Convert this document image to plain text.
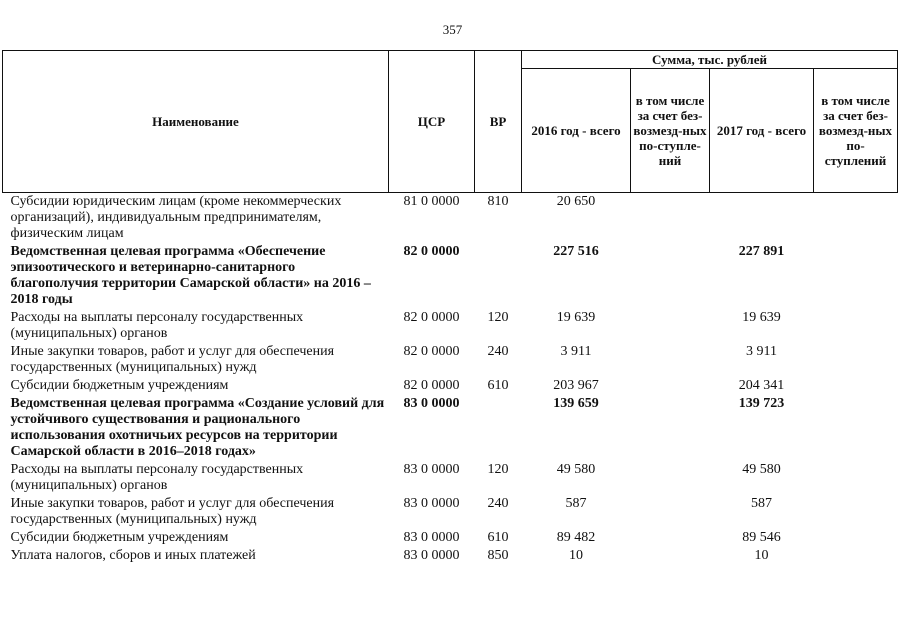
357
Наименование	ЦСР	ВР	Сумма, тыс. рублей			
			2016 год - всего	в том числе за счет без-возмезд-ных по-ступле-ний	2017 год - всего	в том числе за счет без-возмезд-ных по-ступлений
Субсидии юридическим лицам (кроме некоммерческих организаций), индивидуальным предпринимателям, физическим лицам	81 0 0000	810	20 650			
Ведомственная целевая программа «Обеспечение эпизоотического и ветеринарно-санитарного благополучия территории Самарской области» на 2016 –2018 годы	82 0 0000		227 516		227 891	
Расходы на выплаты персоналу государственных (муниципальных) органов	82 0 0000	120	19 639		19 639	
Иные закупки товаров, работ и услуг для обеспечения государственных (муниципальных) нужд	82 0 0000	240	3 911		3 911	
Субсидии бюджетным учреждениям	82 0 0000	610	203 967		204 341	
Ведомственная целевая программа «Создание условий для устойчивого существования и рационального использования охотничьих ресурсов на территории Самарской области в 2016–2018 годах»	83 0 0000		139 659		139 723	
Расходы на выплаты персоналу государственных (муниципальных) органов	83 0 0000	120	49 580		49 580	
Иные закупки товаров, работ и услуг для обеспечения государственных (муниципальных) нужд	83 0 0000	240	587		587	
Субсидии бюджетным учреждениям	83 0 0000	610	89 482		89 546	
Уплата налогов, сборов и иных платежей	83 0 0000	850	10		10	
